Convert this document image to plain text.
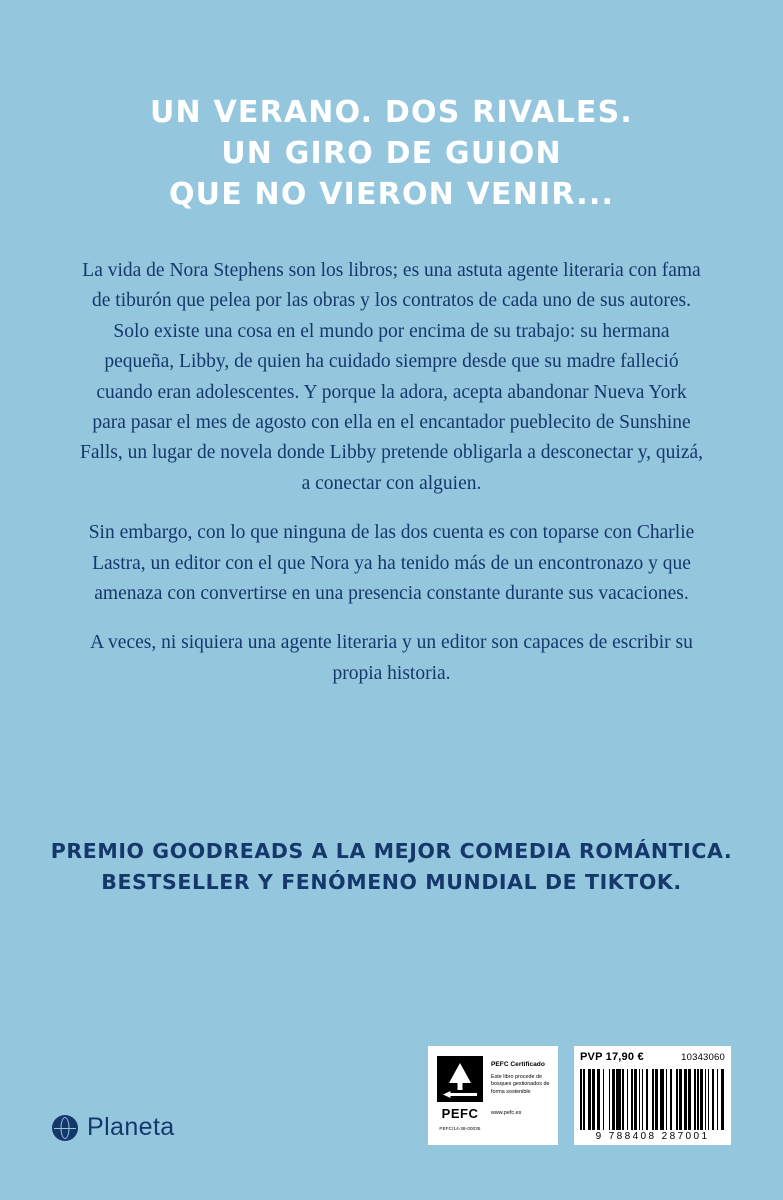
UN VERANO. DOS RIVALES.
UN GIRO DE GUION
QUE NO VIERON VENIR...

La vida de Nora Stephens son los libros; es una astuta agente literaria con fama de tiburón que pelea por las obras y los contratos de cada uno de sus autores. Solo existe una cosa en el mundo por encima de su trabajo: su hermana pequeña, Libby, de quien ha cuidado siempre desde que su madre falleció cuando eran adolescentes. Y porque la adora, acepta abandonar Nueva York para pasar el mes de agosto con ella en el encantador pueblecito de Sunshine Falls, un lugar de novela donde Libby pretende obligarla a desconectar y, quizá, a conectar con alguien.

Sin embargo, con lo que ninguna de las dos cuenta es con toparse con Charlie Lastra, un editor con el que Nora ya ha tenido más de un encontronazo y que amenaza con convertirse en una presencia constante durante sus vacaciones.

A veces, ni siquiera una agente literaria y un editor son capaces de escribir su propia historia.

PREMIO GOODREADS A LA MEJOR COMEDIA ROMÁNTICA.
BESTSELLER Y FENÓMENO MUNDIAL DE TIKTOK.
Planeta	PEFC
PEFC/14-38-00035
PEFC Certificado
Este libro procede de bosques gestionados de forma sostenible
www.pefc.es
PVP 17,90 €	10343060
9 788408 287001
